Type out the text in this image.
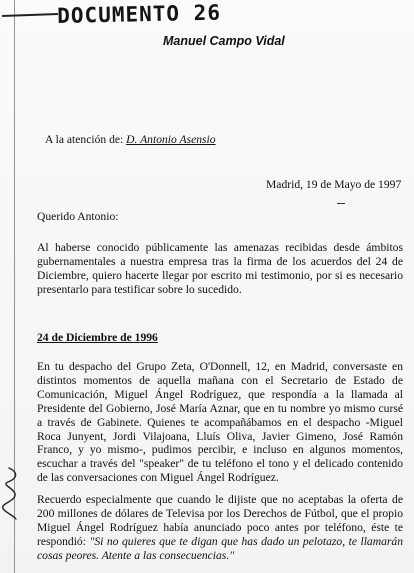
DOCUMENTO 26
Manuel Campo Vidal
A la atención de: D. Antonio Asensio
Madrid, 19 de Mayo de 1997
Querido Antonio:
Al haberse conocido públicamente las amenazas recibidas desde ámbitos gubernamentales a nuestra empresa tras la firma de los acuerdos del 24 de Diciembre, quiero hacerte llegar por escrito mi testimonio, por si es necesario presentarlo para testificar sobre lo sucedido.
24 de Diciembre de 1996
En tu despacho del Grupo Zeta, O'Donnell, 12, en Madrid, conversaste en distintos momentos de aquella mañana con el Secretario de Estado de Comunicación, Miguel Ángel Rodríguez, que respondía a la llamada al Presidente del Gobierno, José María Aznar, que en tu nombre yo mismo cursé a través de Gabinete. Quienes te acompañábamos en el despacho -Miguel Roca Junyent, Jordi Vilajoana, Lluís Oliva, Javier Gimeno, José Ramón Franco, y yo mismo-, pudimos percibir, e incluso en algunos momentos, escuchar a través del "speaker" de tu teléfono el tono y el delicado contenido de las conversaciones con Miguel Ángel Rodríguez.
Recuerdo especialmente que cuando le dijiste que no aceptabas la oferta de 200 millones de dólares de Televisa por los Derechos de Fútbol, que el propio Miguel Ángel Rodríguez había anunciado poco antes por teléfono, éste te respondió: "Si no quieres que te digan que has dado un pelotazo, te llamarán cosas peores. Atente a las consecuencias."
